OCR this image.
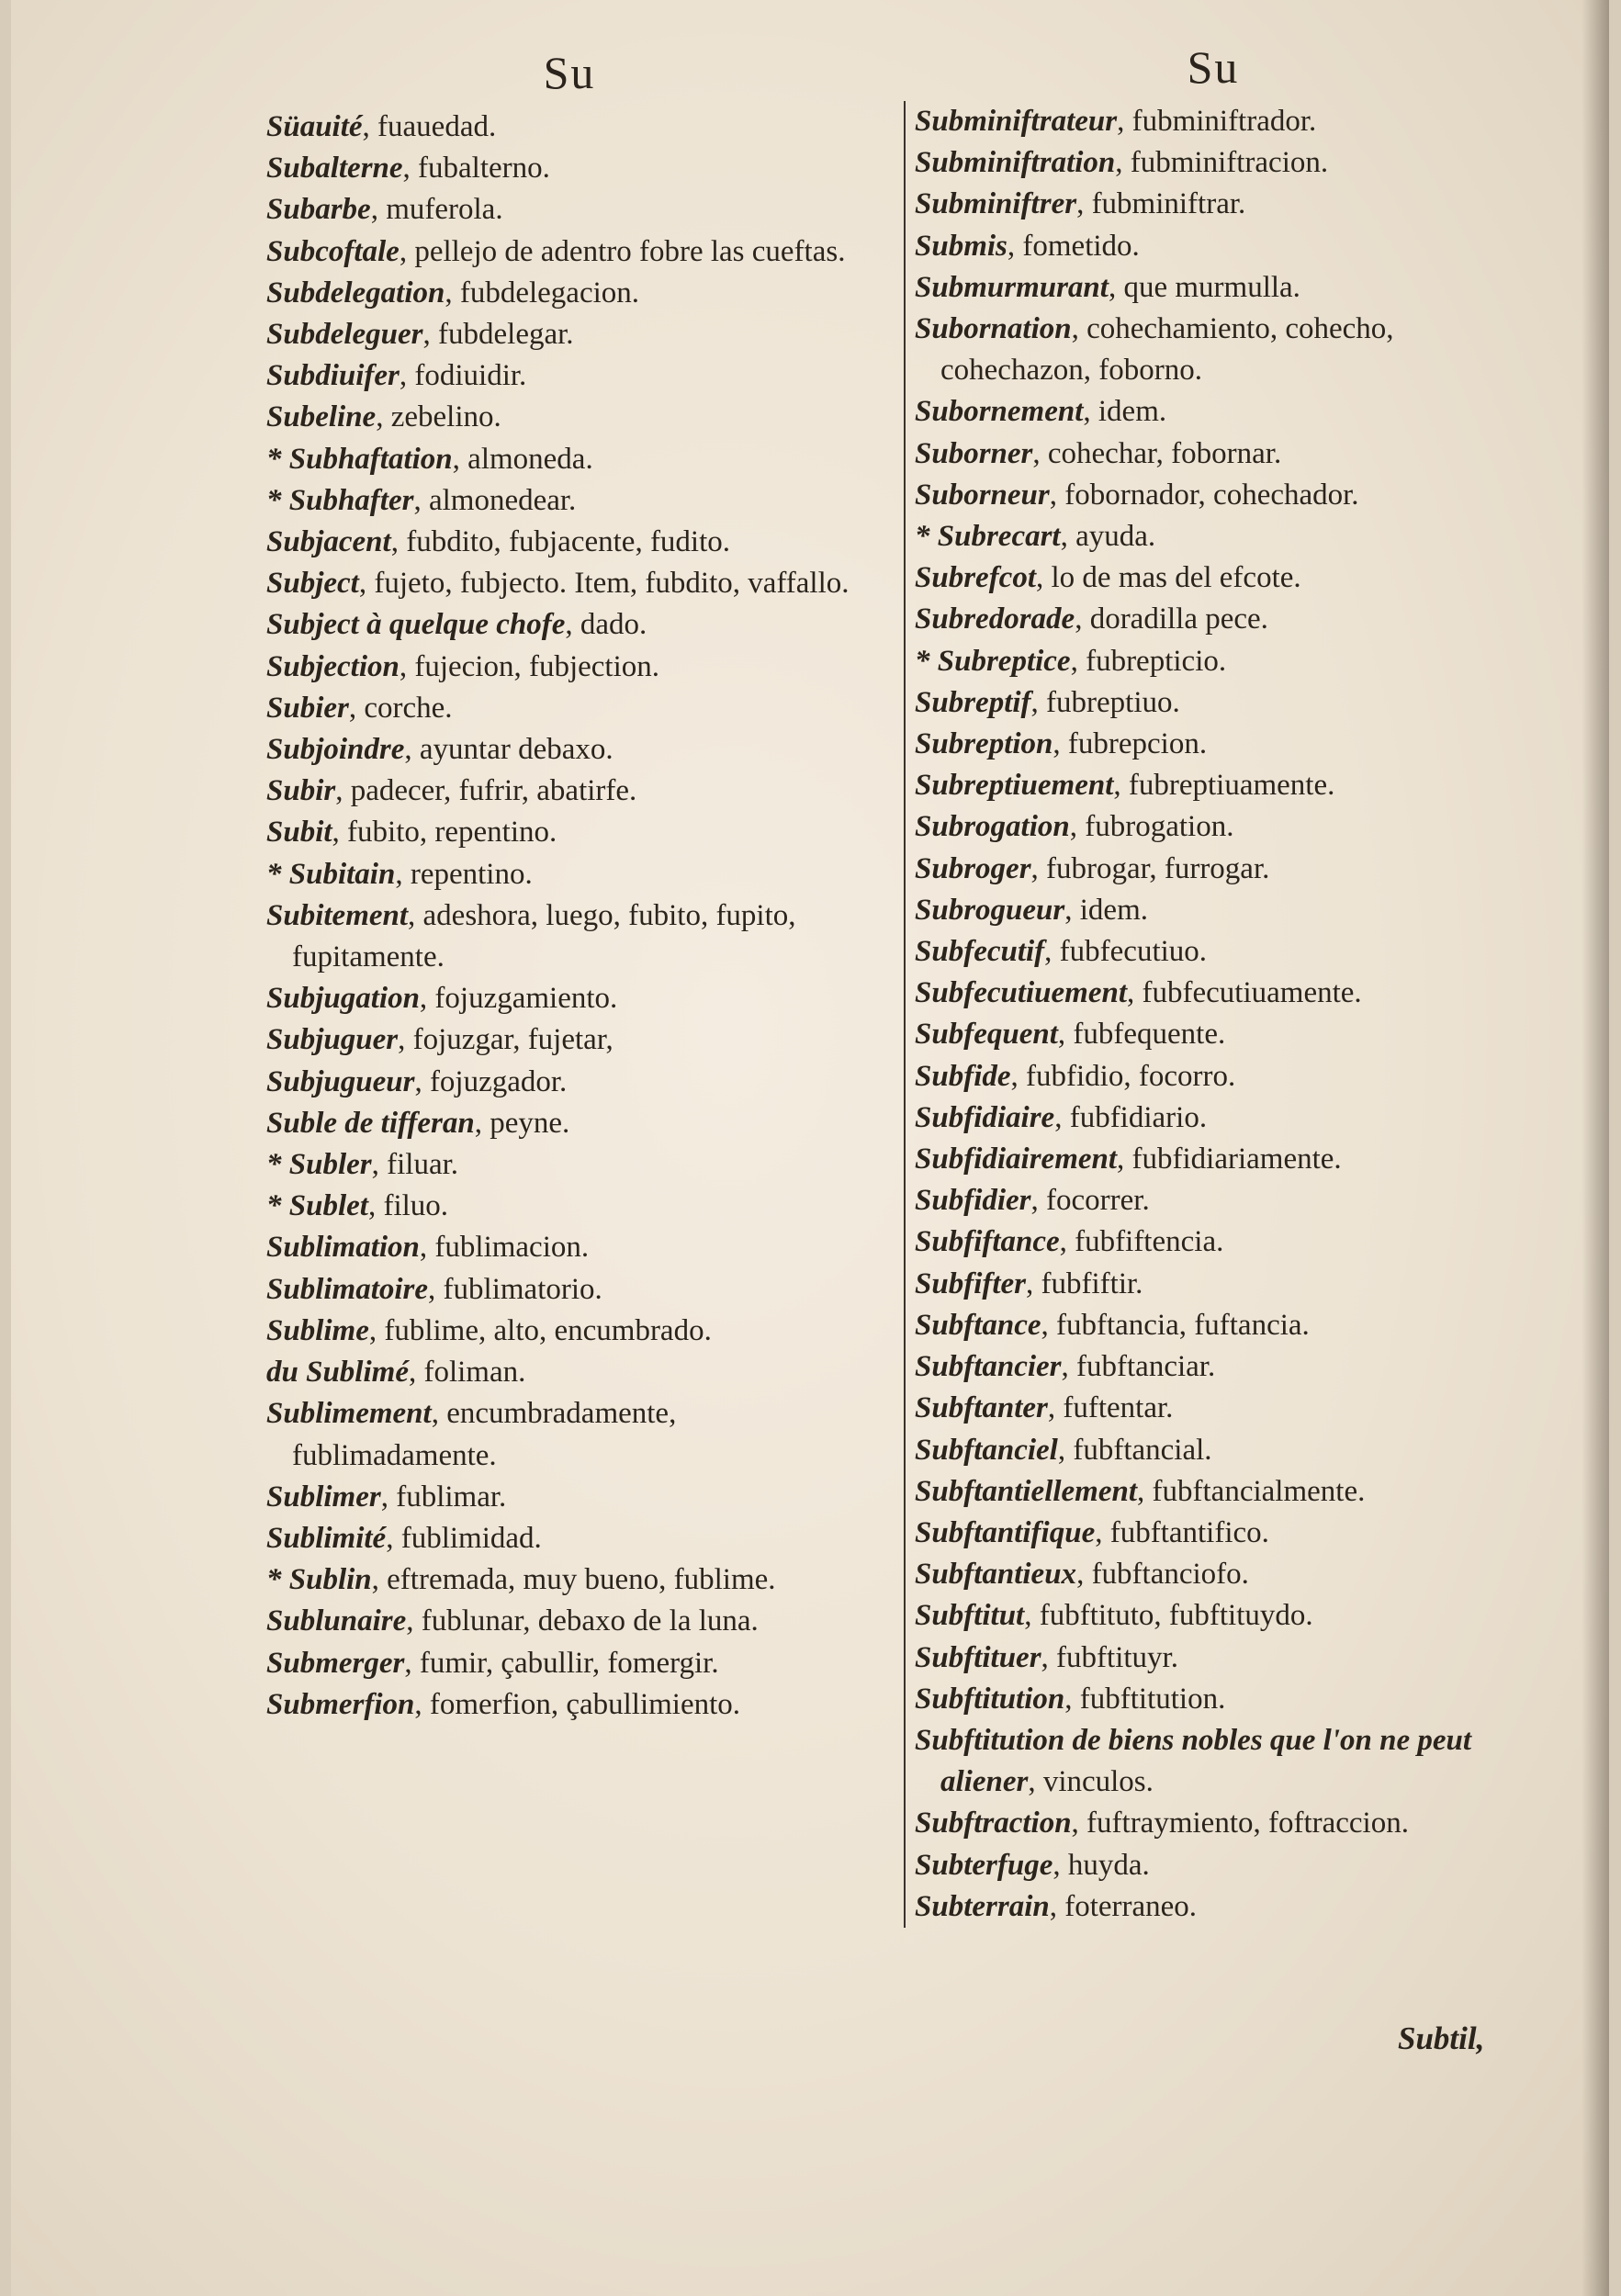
Su

Süauité, fuauedad.

Subalterne, fubalterno.

Subarbe, muferola.

Subcoftale, pellejo de adentro fobre las cueftas.

Subdelegation, fubdelegacion.

Subdeleguer, fubdelegar.

Subdiuifer, fodiuidir.

Subeline, zebelino.

* Subhaftation, almoneda.

* Subhafter, almonedear.

Subjacent, fubdito, fubjacente, fudito.

Subject, fujeto, fubjecto. Item, fubdito, vaffallo.

Subject à quelque chofe, dado.

Subjection, fujecion, fubjection.

Subier, corche.

Subjoindre, ayuntar debaxo.

Subir, padecer, fufrir, abatirfe.

Subit, fubito, repentino.

* Subitain, repentino.

Subitement, adeshora, luego, fubito, fupito, fupitamente.

Subjugation, fojuzgamiento.

Subjuguer, fojuzgar, fujetar,

Subjugueur, fojuzgador.

Suble de tifferan, peyne.

* Subler, filuar.

* Sublet, filuo.

Sublimation, fublimacion.

Sublimatoire, fublimatorio.

Sublime, fublime, alto, encumbrado.

du Sublimé, foliman.

Sublimement, encumbradamente, fublimadamente.

Sublimer, fublimar.

Sublimité, fublimidad.

* Sublin, eftremada, muy bueno, fublime.

Sublunaire, fublunar, debaxo de la luna.

Submerger, fumir, çabullir, fomergir.

Submerfion, fomerfion, çabullimiento.

Su

Subminiftrateur, fubminiftrador.

Subminiftration, fubminiftracion.

Subminiftrer, fubminiftrar.

Submis, fometido.

Submurmurant, que murmulla.

Subornation, cohechamiento, cohecho, cohechazon, foborno.

Subornement, idem.

Suborner, cohechar, fobornar.

Suborneur, fobornador, cohechador.

* Subrecart, ayuda.

Subrefcot, lo de mas del efcote.

Subredorade, doradilla pece.

* Subreptice, fubrepticio.

Subreptif, fubreptiuo.

Subreption, fubrepcion.

Subreptiuement, fubreptiuamente.

Subrogation, fubrogation.

Subroger, fubrogar, furrogar.

Subrogueur, idem.

Subfecutif, fubfecutiuo.

Subfecutiuement, fubfecutiuamente.

Subfequent, fubfequente.

Subfide, fubfidio, focorro.

Subfidiaire, fubfidiario.

Subfidiairement, fubfidiariamente.

Subfidier, focorrer.

Subfiftance, fubfiftencia.

Subfifter, fubfiftir.

Subftance, fubftancia, fuftancia.

Subftancier, fubftanciar.

Subftanter, fuftentar.

Subftanciel, fubftancial.

Subftantiellement, fubftancialmente.

Subftantifique, fubftantifico.

Subftantieux, fubftanciofo.

Subftitut, fubftituto, fubftituydo.

Subftituer, fubftituyr.

Subftitution, fubftitution.

Subftitution de biens nobles que l'on ne peut aliener, vinculos.

Subftraction, fuftraymiento, foftraccion.

Subterfuge, huyda.

Subterrain, foterraneo.

Subtil,
